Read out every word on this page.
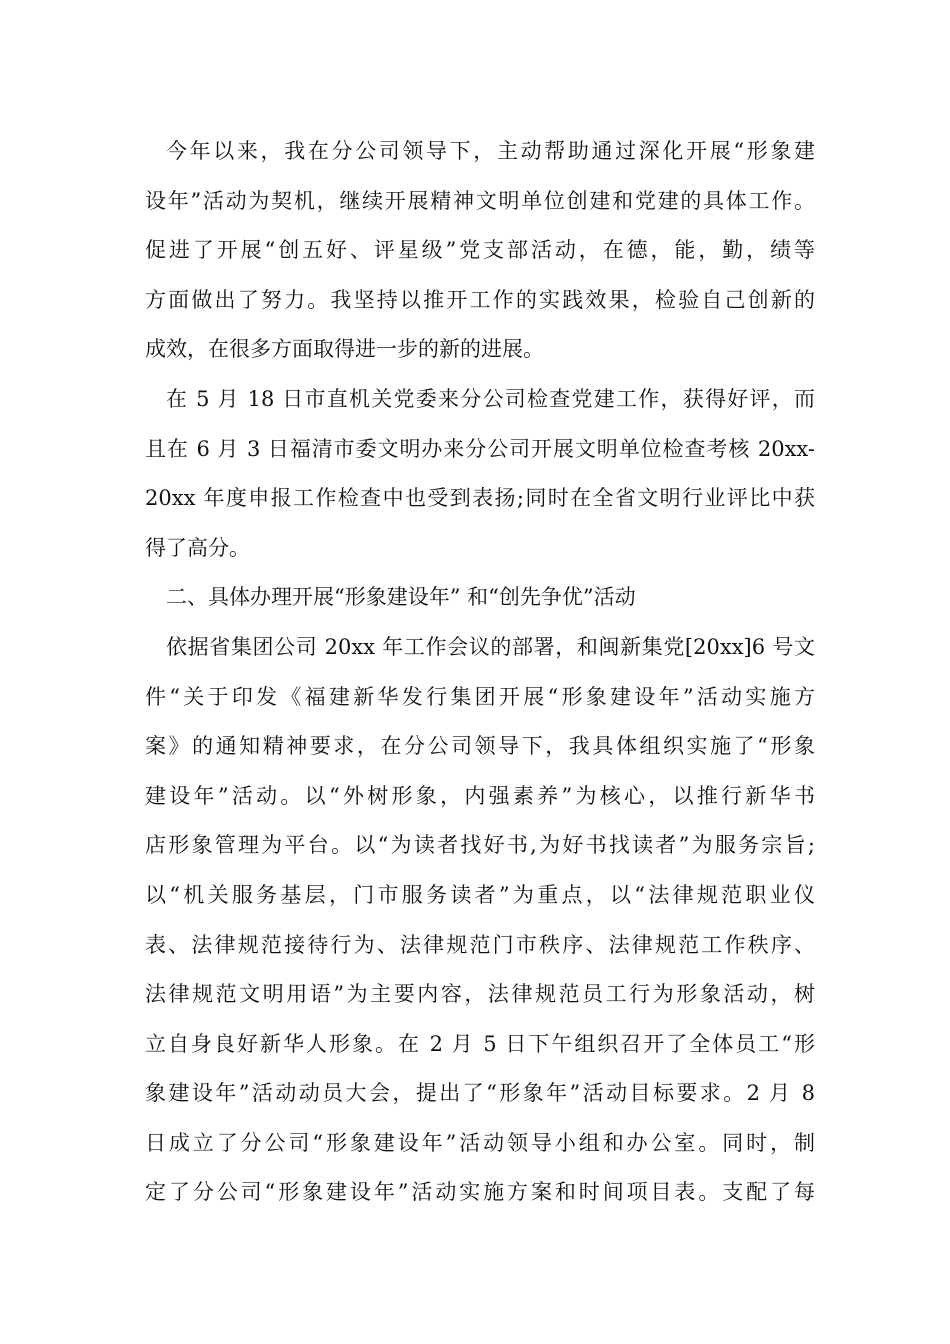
今年以来，我在分公司领导下，主动帮助通过深化开展“形象建
设年”活动为契机，继续开展精神文明单位创建和党建的具体工作。
促进了开展“创五好、评星级”党支部活动，在德，能，勤，绩等
方面做出了努力。我坚持以推开工作的实践效果，检验自己创新的
成效，在很多方面取得进一步的新的进展。
在 5 月 18 日市直机关党委来分公司检查党建工作，获得好评，而
且在 6 月 3 日福清市委文明办来分公司开展文明单位检查考核 20xx-
20xx 年度申报工作检查中也受到表扬;同时在全省文明行业评比中获
得了高分。
二、具体办理开展“形象建设年” 和“创先争优”活动
依据省集团公司 20xx 年工作会议的部署，和闽新集党[20xx]6 号文
件“关于印发《福建新华发行集团开展“形象建设年”活动实施方
案》的通知精神要求，在分公司领导下，我具体组织实施了“形象
建设年”活动。以“外树形象，内强素养”为核心，以推行新华书
店形象管理为平台。以“为读者找好书,为好书找读者”为服务宗旨;
以“机关服务基层，门市服务读者”为重点，以“法律规范职业仪
表、法律规范接待行为、法律规范门市秩序、法律规范工作秩序、
法律规范文明用语”为主要内容，法律规范员工行为形象活动，树
立自身良好新华人形象。在 2 月 5 日下午组织召开了全体员工“形
象建设年”活动动员大会，提出了“形象年”活动目标要求。2 月 8
日成立了分公司“形象建设年”活动领导小组和办公室。同时，制
定了分公司“形象建设年”活动实施方案和时间项目表。支配了每
